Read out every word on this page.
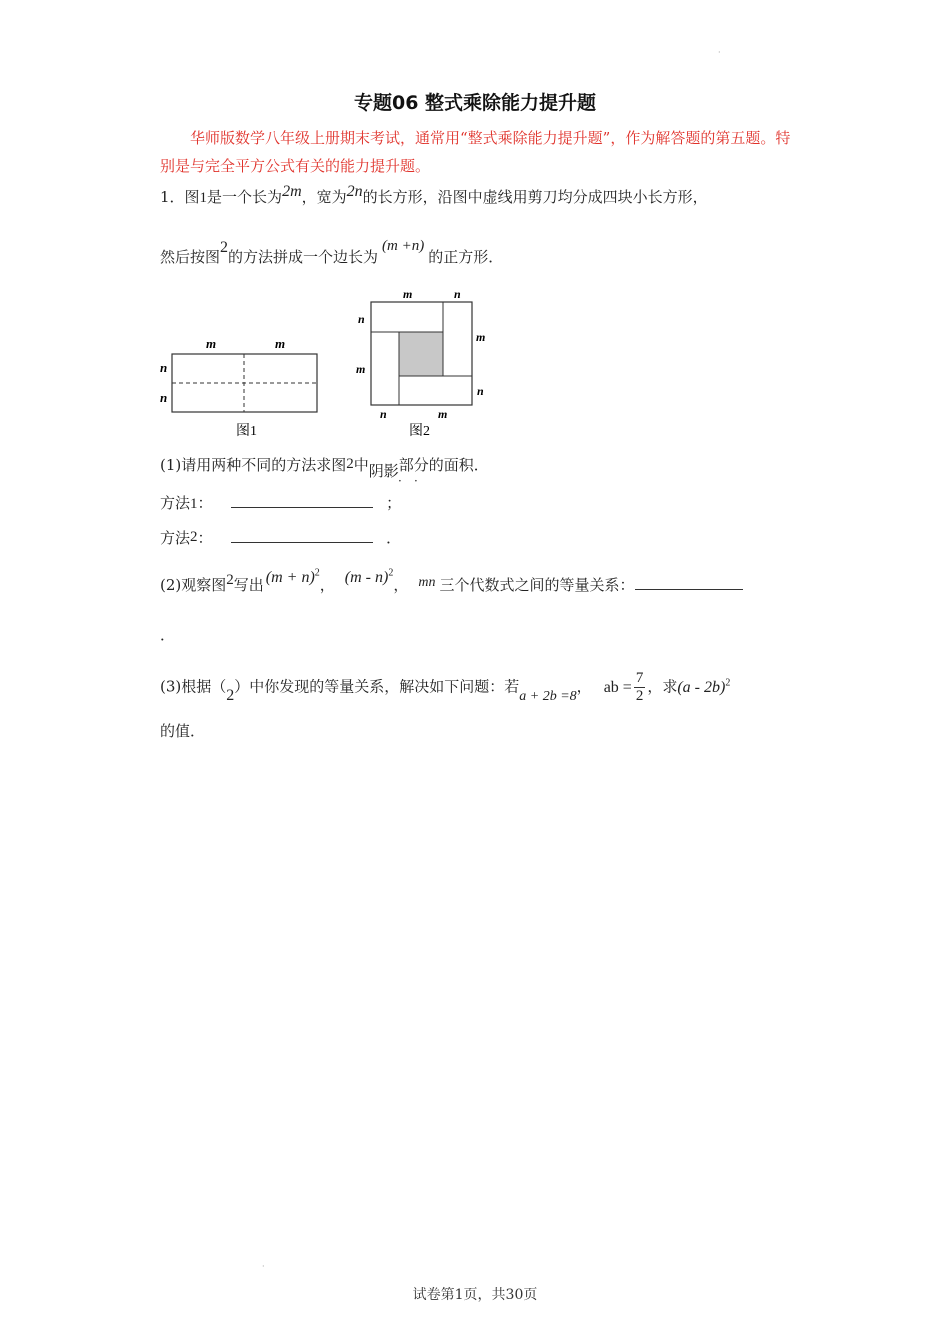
·
专题06 整式乘除能力提升题
华师版数学八年级上册期末考试，通常用“整式乘除能力提升题”，作为解答题的第五题。特别是与完全平方公式有关的能力提升题。
1．图1是一个长为2m，宽为2n的长方形，沿图中虚线用剪刀均分成四块小长方形，
然后按图2的方法拼成一个边长为(m +n)的正方形．
m	m
n
n
图1
m	n
n
m
m
n
n	m
图2
(1)请用两种不同的方法求图2中阴影部分的面积．
· ·
方法1：	；
方法2：	．
(2)观察图2写出 $(m + n)^2$， (m - n)$^2$， mn 三个代数式之间的等量关系：
．
(3)根据（2）中你发现的等量关系，解决如下问题：若a + 2b =8， ab = $\frac{7}{2}$ ，求(a - 2b)$^2$
的值．
·
试卷第1页，共30页
